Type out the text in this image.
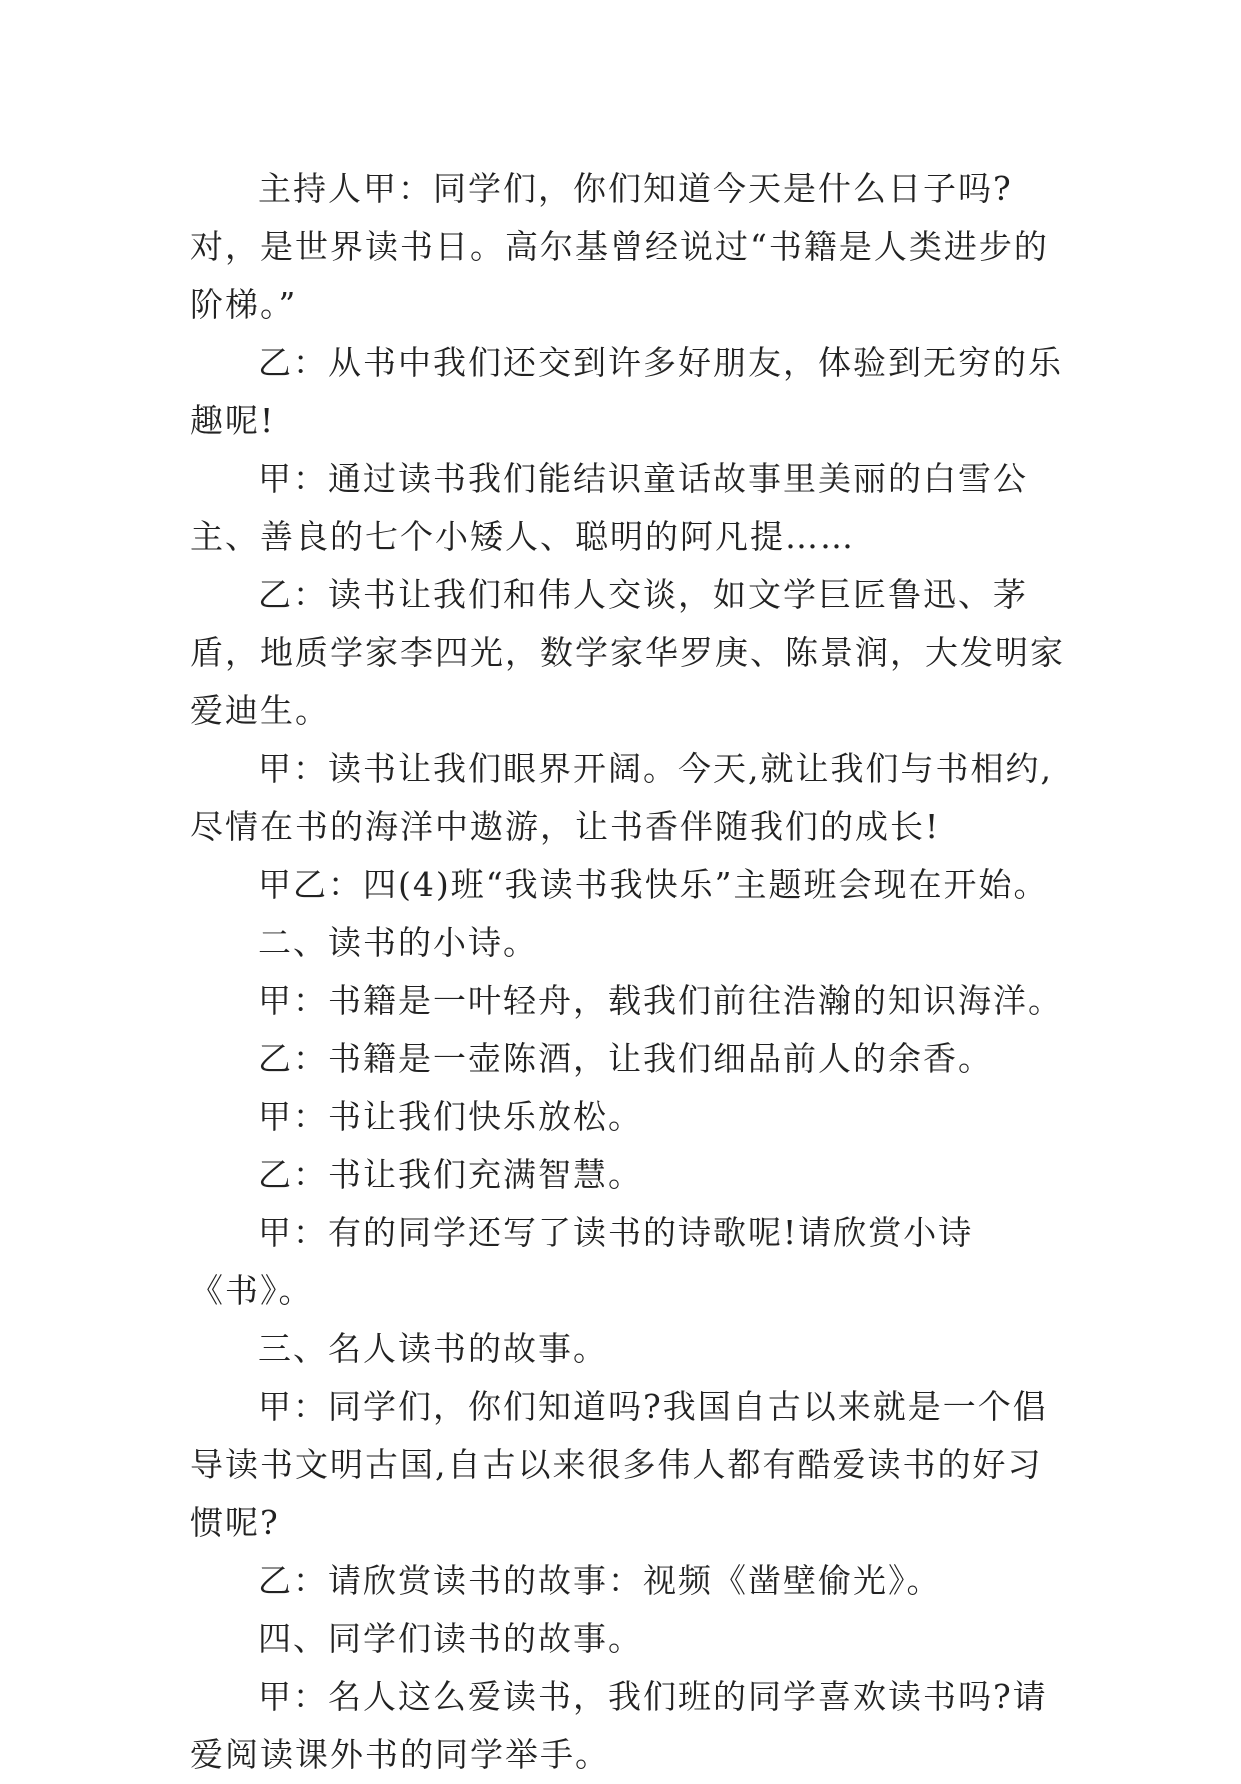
主持人甲：同学们，你们知道今天是什么日子吗?对，是世界读书日。高尔基曾经说过“书籍是人类进步的阶梯。”

乙：从书中我们还交到许多好朋友，体验到无穷的乐趣呢!

甲：通过读书我们能结识童话故事里美丽的白雪公主、善良的七个小矮人、聪明的阿凡提……

乙：读书让我们和伟人交谈，如文学巨匠鲁迅、茅盾，地质学家李四光，数学家华罗庚、陈景润，大发明家爱迪生。

甲：读书让我们眼界开阔。今天,就让我们与书相约,尽情在书的海洋中遨游，让书香伴随我们的成长!

甲乙：四(4)班“我读书我快乐”主题班会现在开始。

二、读书的小诗。

甲：书籍是一叶轻舟，载我们前往浩瀚的知识海洋。

乙：书籍是一壶陈酒，让我们细品前人的余香。

甲：书让我们快乐放松。

乙：书让我们充满智慧。

甲：有的同学还写了读书的诗歌呢!请欣赏小诗《书》。

三、名人读书的故事。

甲：同学们，你们知道吗?我国自古以来就是一个倡导读书文明古国,自古以来很多伟人都有酷爱读书的好习惯呢?

乙：请欣赏读书的故事：视频《凿壁偷光》。

四、同学们读书的故事。

甲：名人这么爱读书，我们班的同学喜欢读书吗?请爱阅读课外书的同学举手。
